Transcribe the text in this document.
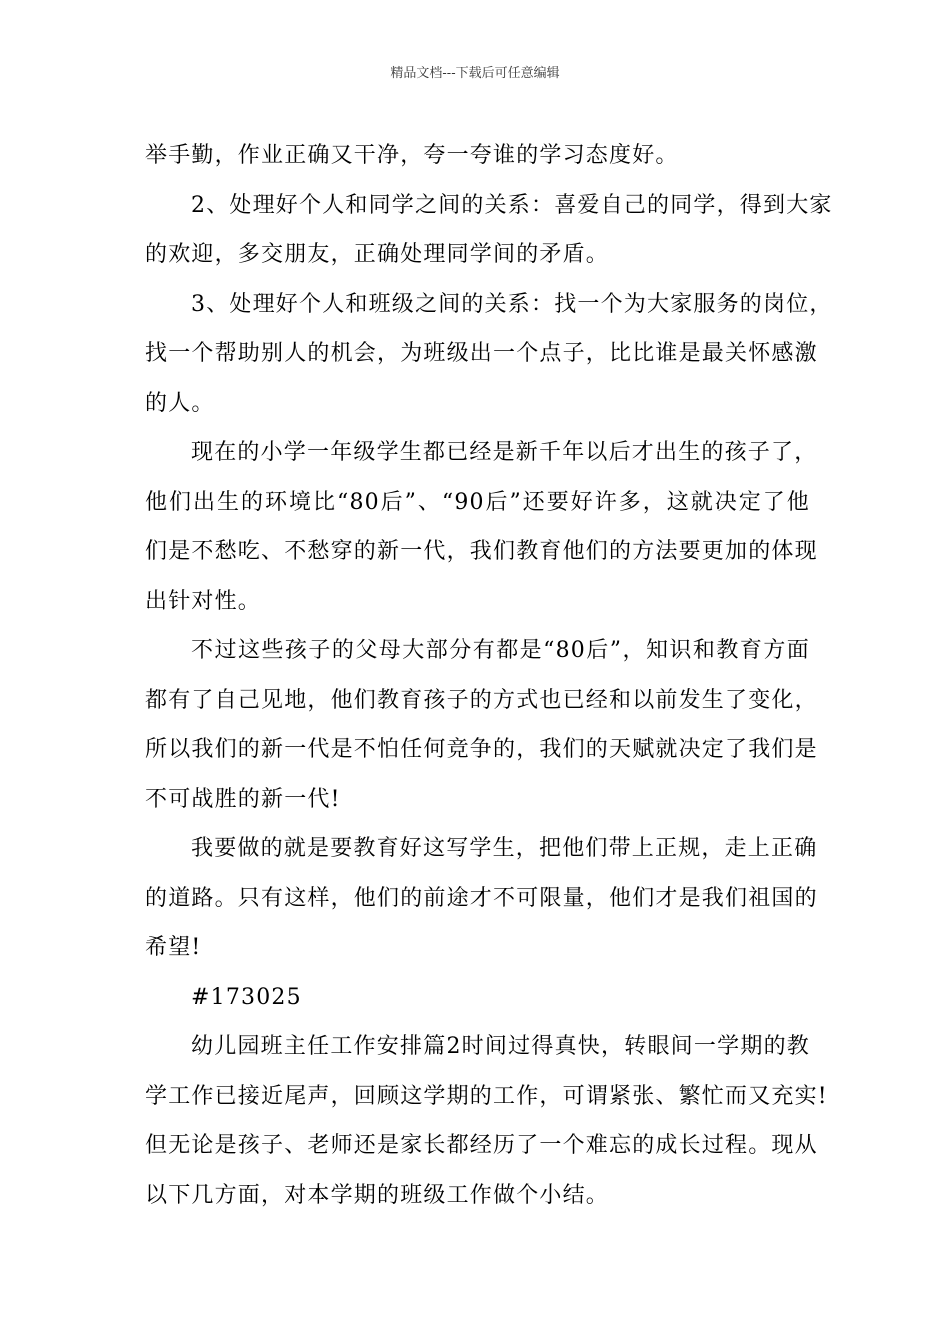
精品文档---下载后可任意编辑
举手勤，作业正确又干净，夸一夸谁的学习态度好。
2、处理好个人和同学之间的关系：喜爱自己的同学，得到大家
的欢迎，多交朋友，正确处理同学间的矛盾。
3、处理好个人和班级之间的关系：找一个为大家服务的岗位，
找一个帮助别人的机会，为班级出一个点子，比比谁是最关怀感激
的人。
现在的小学一年级学生都已经是新千年以后才出生的孩子了，
他们出生的环境比“80后”、“90后”还要好许多，这就决定了他
们是不愁吃、不愁穿的新一代，我们教育他们的方法要更加的体现
出针对性。
不过这些孩子的父母大部分有都是“80后”，知识和教育方面
都有了自己见地，他们教育孩子的方式也已经和以前发生了变化，
所以我们的新一代是不怕任何竞争的，我们的天赋就决定了我们是
不可战胜的新一代!
我要做的就是要教育好这写学生，把他们带上正规，走上正确
的道路。只有这样，他们的前途才不可限量，他们才是我们祖国的
希望!
#173025
幼儿园班主任工作安排篇2时间过得真快，转眼间一学期的教
学工作已接近尾声，回顾这学期的工作，可谓紧张、繁忙而又充实!
但无论是孩子、老师还是家长都经历了一个难忘的成长过程。现从
以下几方面，对本学期的班级工作做个小结。
